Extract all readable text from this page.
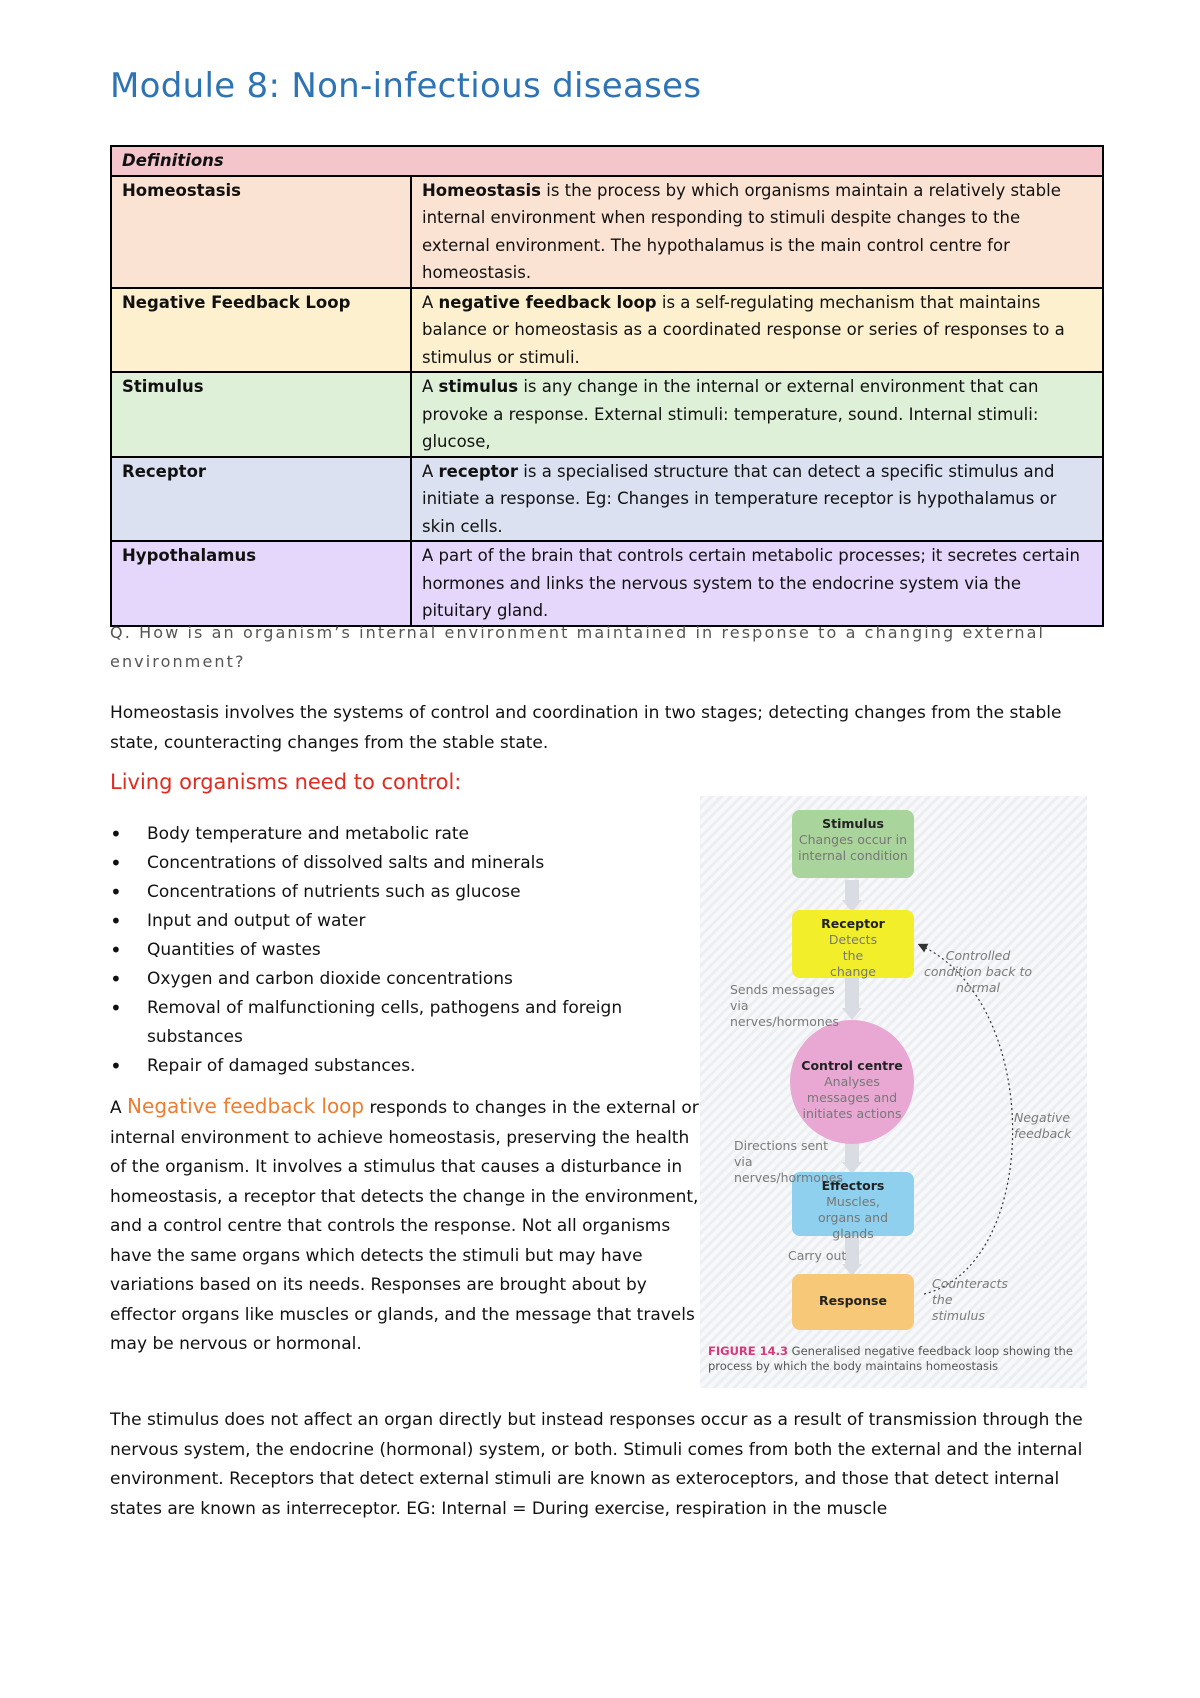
Module 8: Non-infectious diseases
Definitions	
Homeostasis	Homeostasis is the process by which organisms maintain a relatively stable internal environment when responding to stimuli despite changes to the external environment. The hypothalamus is the main control centre for homeostasis.
Negative Feedback Loop	A negative feedback loop is a self-regulating mechanism that maintains balance or homeostasis as a coordinated response or series of responses to a stimulus or stimuli.
Stimulus	A stimulus is any change in the internal or external environment that can provoke a response. External stimuli: temperature, sound. Internal stimuli: glucose,
Receptor	A receptor is a specialised structure that can detect a specific stimulus and initiate a response. Eg: Changes in temperature receptor is hypothalamus or skin cells.
Hypothalamus	A part of the brain that controls certain metabolic processes; it secretes certain hormones and links the nervous system to the endocrine system via the pituitary gland.
Q. How is an organism’s internal environment maintained in response to a changing external environment?
Homeostasis involves the systems of control and coordination in two stages; detecting changes from the stable state, counteracting changes from the stable state.
Living organisms need to control:
• Body temperature and metabolic rate
• Concentrations of dissolved salts and minerals
• Concentrations of nutrients such as glucose
• Input and output of water
• Quantities of wastes
• Oxygen and carbon dioxide concentrations
• Removal of malfunctioning cells, pathogens and foreign substances
• Repair of damaged substances.
A Negative feedback loop responds to changes in the external or internal environment to achieve homeostasis, preserving the health of the organism. It involves a stimulus that causes a disturbance in homeostasis, a receptor that detects the change in the environment, and a control centre that controls the response. Not all organisms have the same organs which detects the stimuli but may have variations based on its needs. Responses are brought about by effector organs like muscles or glands, and the message that travels may be nervous or hormonal.
Stimulus
Changes occur in internal condition
Receptor
Detects the change
Control centre
Analyses messages and initiates actions
Effectors
Muscles, organs and glands
Response
Sends messages via nerves/hormones
Directions sent via nerves/hormones
Carry out
Controlled condition back to normal
Negative feedback
Counteracts the stimulus
FIGURE 14.3 Generalised negative feedback loop showing the process by which the body maintains homeostasis
The stimulus does not affect an organ directly but instead responses occur as a result of transmission through the nervous system, the endocrine (hormonal) system, or both. Stimuli comes from both the external and the internal environment. Receptors that detect external stimuli are known as exteroceptors, and those that detect internal states are known as interreceptor. EG: Internal = During exercise, respiration in the muscle
